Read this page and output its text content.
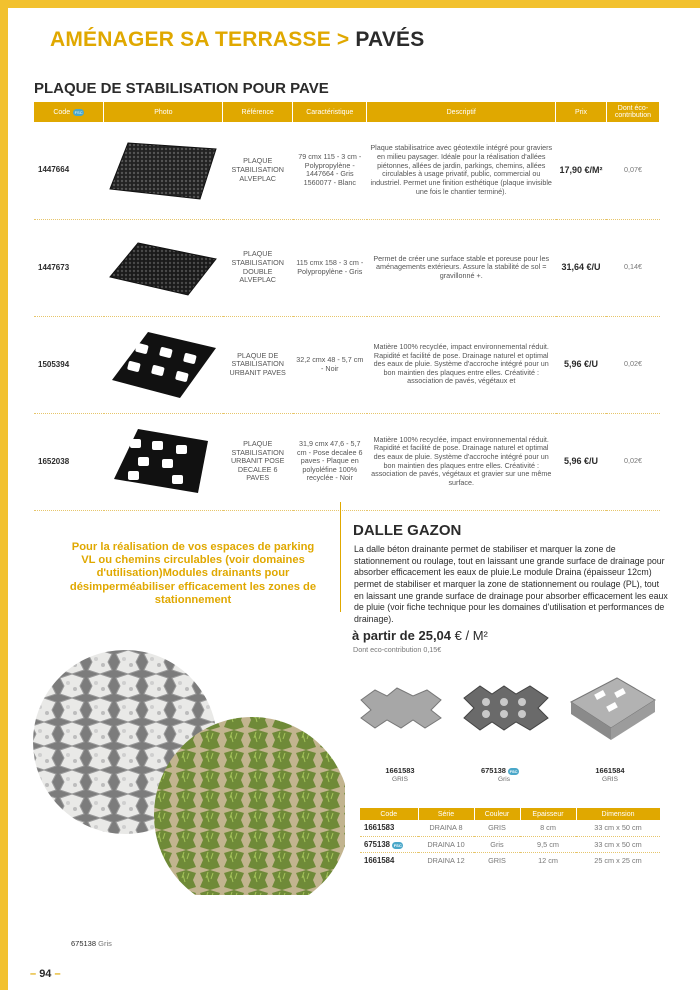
AMÉNAGER SA TERRASSE > PAVÉS
PLAQUE DE STABILISATION POUR PAVE
Code FSC	Photo	Référence	Caractéristique	Descriptif	Prix	Dont éco-contribution
1447664		PLAQUE STABILISATION ALVEPLAC	79 cmx 115 - 3 cm - Polypropylène - 1447664 - Gris 1560077 - Blanc	Plaque stabilisatrice avec géotextile intégré pour graviers en milieu paysager. Idéale pour la réalisation d'allées piétonnes, allées de jardin, parkings, chemins, allées circulables à usage privatif, public, commercial ou industriel. Permet une finition esthétique (plaque invisible une fois le chantier terminé).	17,90 €/M²	0,07€
1447673		PLAQUE STABILISATION DOUBLE ALVEPLAC	115 cmx 158 - 3 cm - Polypropylène - Gris	Permet de créer une surface stable et poreuse pour les aménagements extérieurs. Assure la stabilité de sol = gravillonné +.	31,64 €/U	0,14€
1505394		PLAQUE DE STABILISATION URBANIT PAVES	32,2 cmx 48 - 5,7 cm - Noir	Matière 100% recyclée, impact environnemental réduit. Rapidité et facilité de pose. Drainage naturel et optimal des eaux de pluie. Système d'accroche intégré pour un bon maintien des plaques entre elles. Créativité : association de pavés, végétaux et	5,96 €/U	0,02€
1652038		PLAQUE STABILISATION URBANIT POSE DECALEE 6 PAVES	31,9 cmx 47,6 - 5,7 cm - Pose decalee 6 paves - Plaque en polyoléfine 100% recyclée - Noir	Matière 100% recyclée, impact environnemental réduit. Rapidité et facilité de pose. Drainage naturel et optimal des eaux de pluie. Système d'accroche intégré pour un bon maintien des plaques entre elles. Créativité : association de pavés, végétaux et gravier sur une même surface.	5,96 €/U	0,02€
Pour la réalisation de vos espaces de parking VL ou chemins circulables (voir domaines d'utilisation)Modules drainants pour désimperméabiliser efficacement les zones de stationnement
DALLE GAZON
La dalle béton drainante permet de stabiliser et marquer la zone de stationnement ou roulage, tout en laissant une grande surface de drainage pour absorber efficacement les eaux de pluie.Le module Draina (épaisseur 12cm) permet de stabiliser et marquer la zone de stationnement ou roulage (PL), tout en laissant une grande surface de drainage pour absorber efficacement les eaux de pluie (voir fiche technique pour les domaines d'utilisation et performances de drainage).
à partir de 25,04 € / M²
Dont eco-contribution 0,15€
1661583
GRIS
675138 FSC
Gris
1661584
GRIS
Code	Série	Couleur	Epaisseur	Dimension
1661583	DRAINA 8	GRIS	8 cm	33 cm x 50 cm
675138 FSC	DRAINA 10	Gris	9,5 cm	33 cm x 50 cm
1661584	DRAINA 12	GRIS	12 cm	25 cm x 25 cm
675138 Gris
– 94 –
